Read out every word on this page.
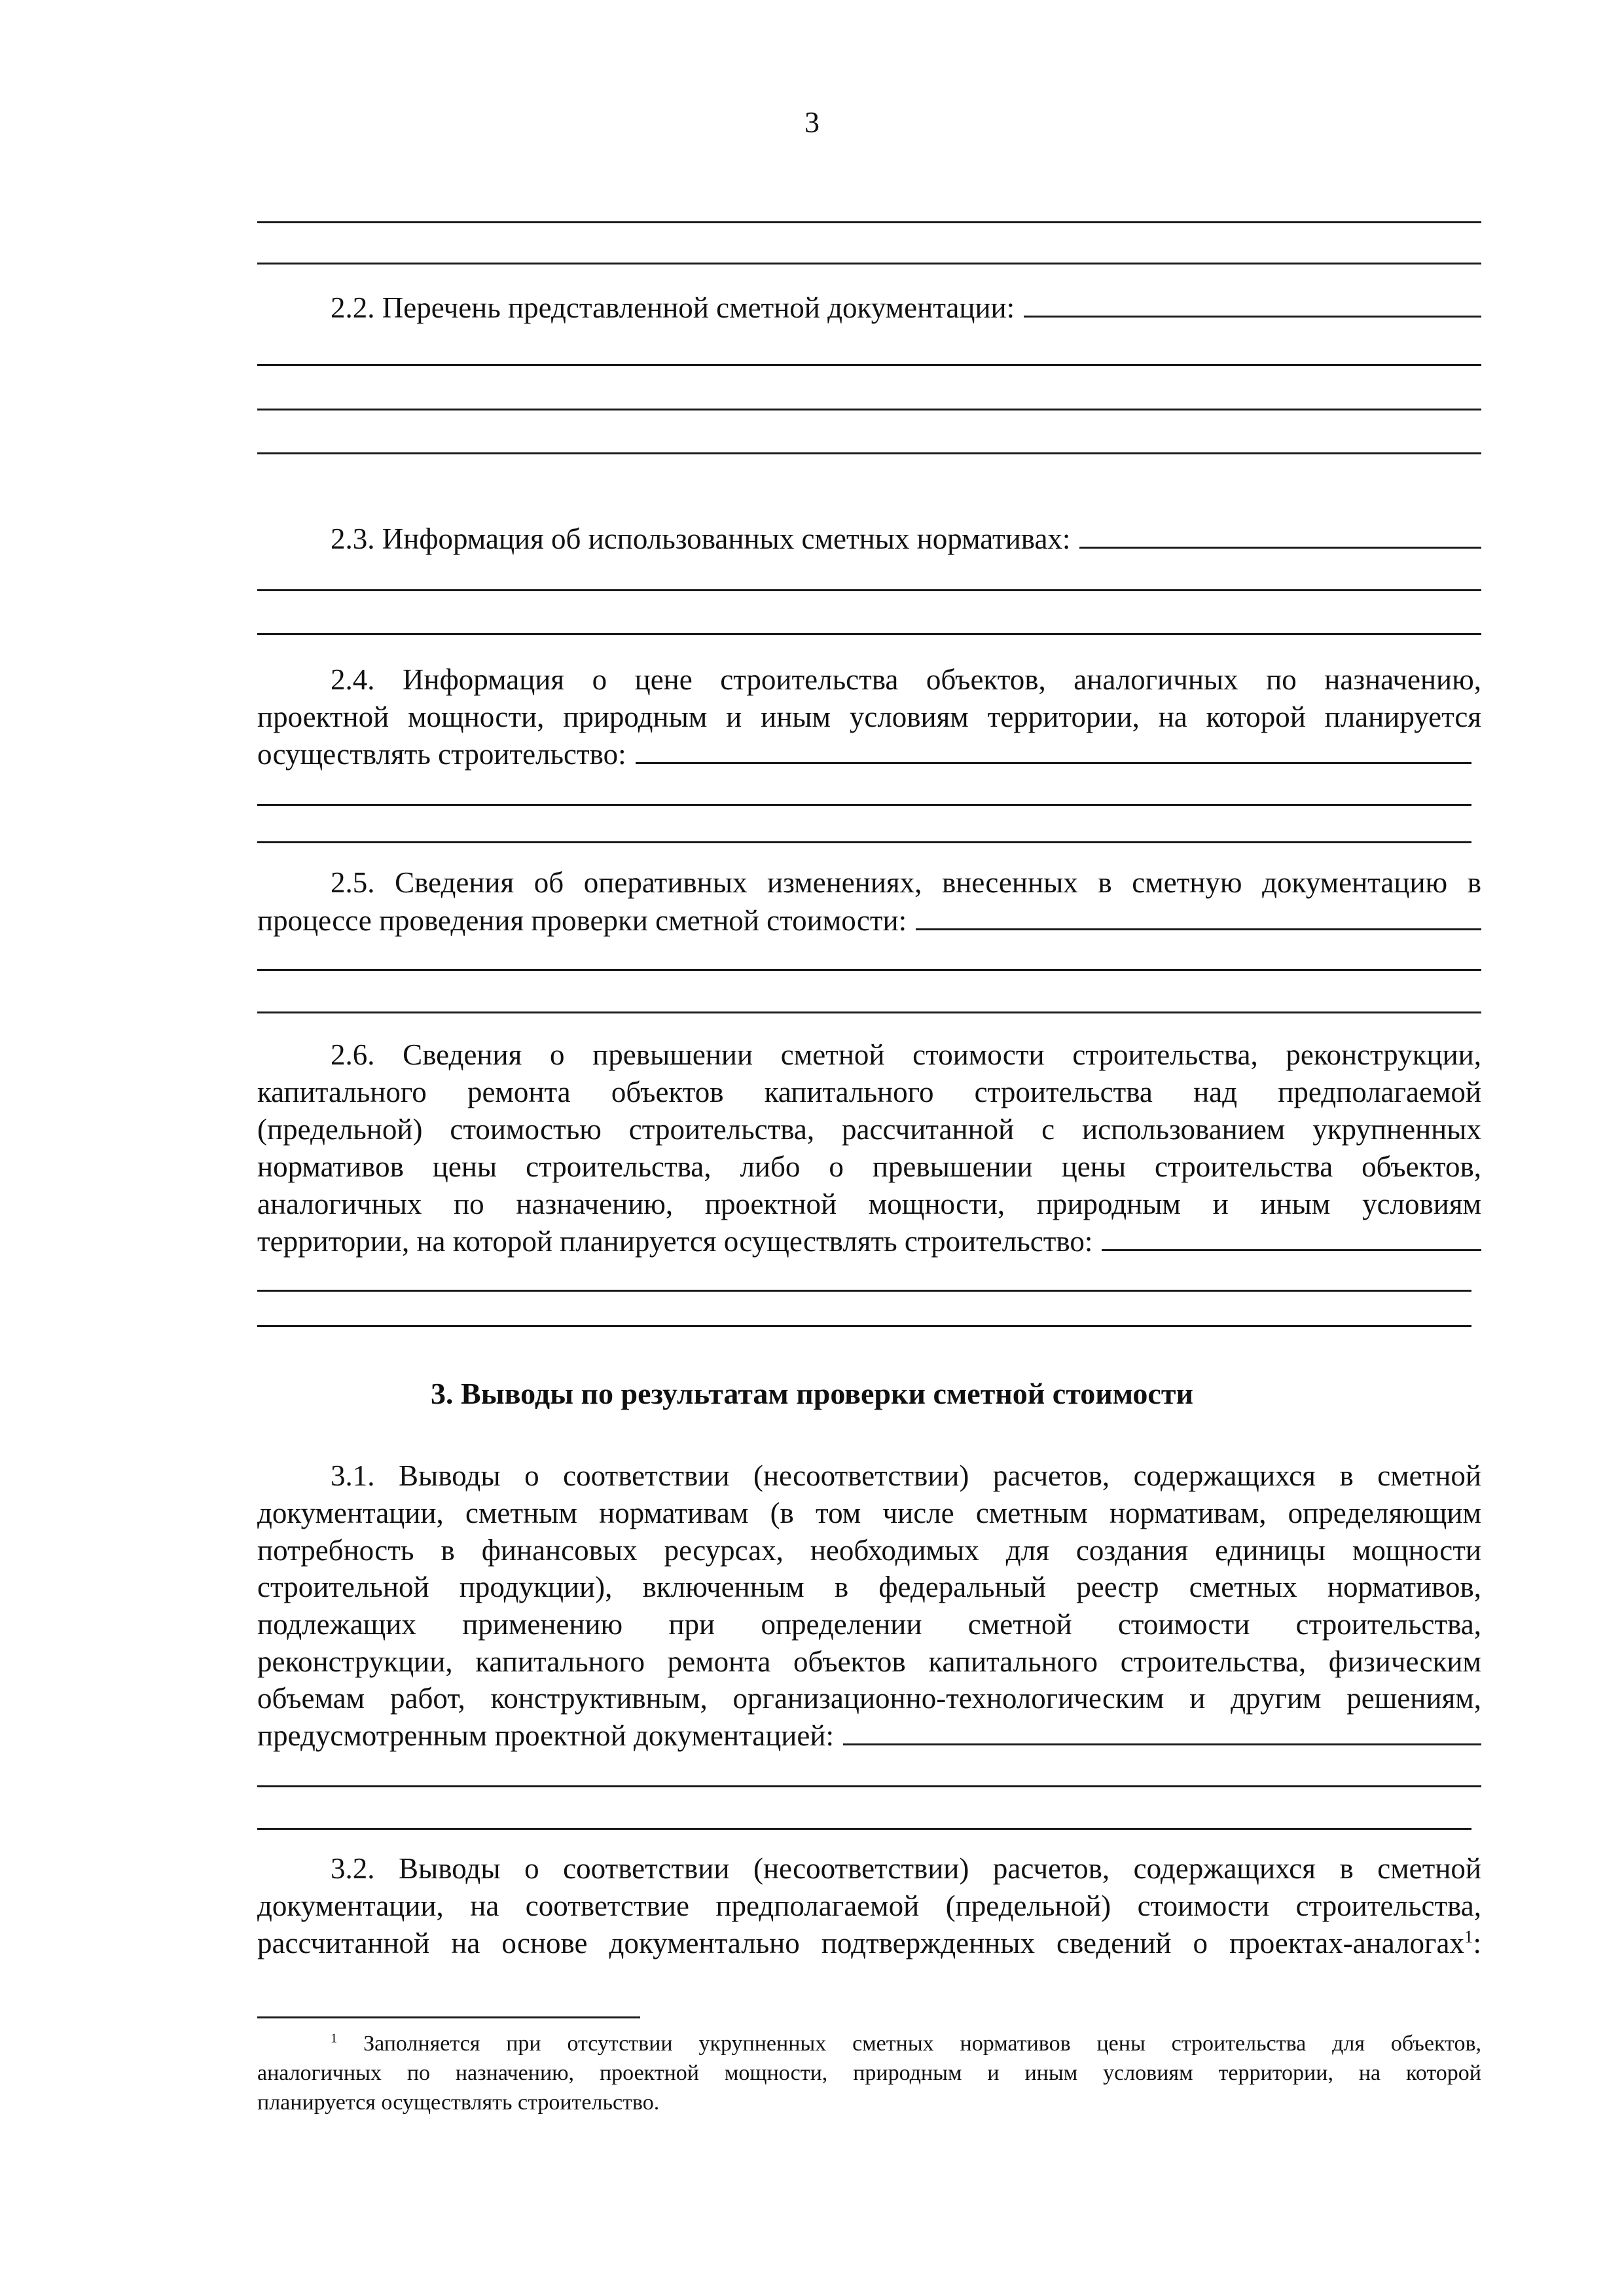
3
2.2. Перечень представленной сметной документации:
2.3. Информация об использованных сметных нормативах:
2.4. Информация о цене строительства объектов, аналогичных по назначению,
проектной мощности, природным и иным условиям территории, на которой планируется
осуществлять строительство:
2.5. Сведения об оперативных изменениях, внесенных в сметную документацию в
процессе проведения проверки сметной стоимости:
2.6. Сведения о превышении сметной стоимости строительства, реконструкции,
капитального ремонта объектов капитального строительства над предполагаемой
(предельной) стоимостью строительства, рассчитанной с использованием укрупненных
нормативов цены строительства, либо о превышении цены строительства объектов,
аналогичных по назначению, проектной мощности, природным и иным условиям
территории, на которой планируется осуществлять строительство:
3. Выводы по результатам проверки сметной стоимости
3.1. Выводы о соответствии (несоответствии) расчетов, содержащихся в сметной
документации, сметным нормативам (в том числе сметным нормативам, определяющим
потребность в финансовых ресурсах, необходимых для создания единицы мощности
строительной продукции), включенным в федеральный реестр сметных нормативов,
подлежащих применению при определении сметной стоимости строительства,
реконструкции, капитального ремонта объектов капитального строительства, физическим
объемам работ, конструктивным, организационно-технологическим и другим решениям,
предусмотренным проектной документацией:
3.2. Выводы о соответствии (несоответствии) расчетов, содержащихся в сметной
документации, на соответствие предполагаемой (предельной) стоимости строительства,
рассчитанной на основе документально подтвержденных сведений о проектах-аналогах$^1$:
$^1$ Заполняется при отсутствии укрупненных сметных нормативов цены строительства для объектов,
аналогичных по назначению, проектной мощности, природным и иным условиям территории, на которой
планируется осуществлять строительство.
